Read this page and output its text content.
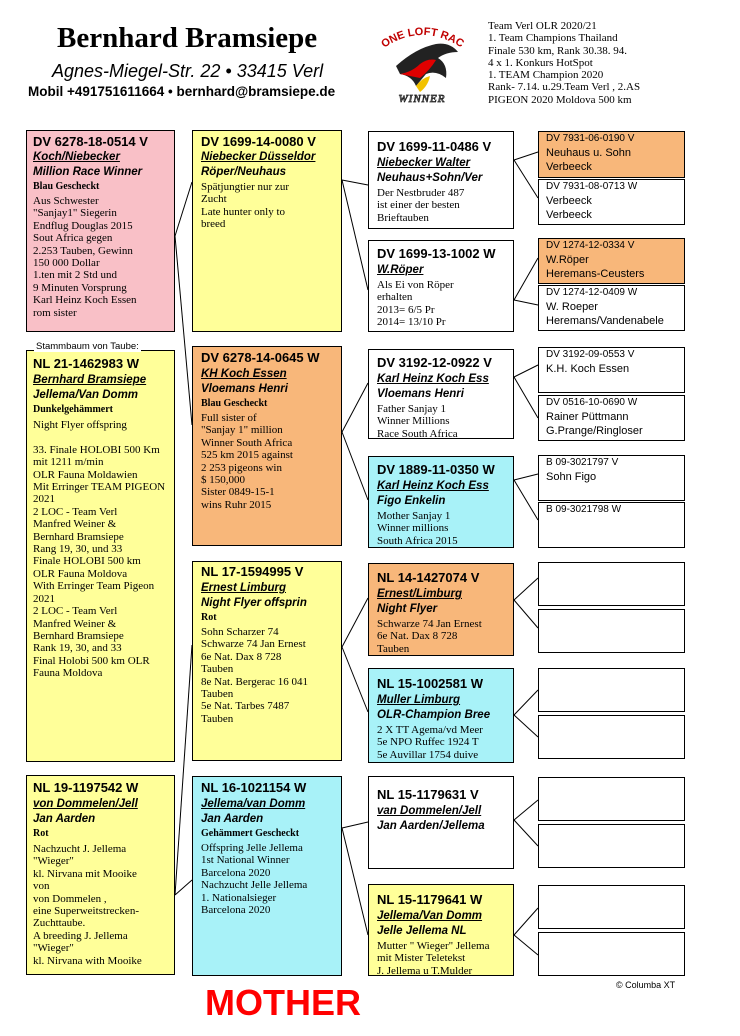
Bernhard Bramsiepe
Agnes-Miegel-Str. 22 • 33415 Verl
Mobil +491751611664 • bernhard@bramsiepe.de
ONE LOFT RAC
WINNER
Team Verl OLR 2020/21
1. Team Champions Thailand
Finale 530 km, Rank 30.38. 94.
4 x 1. Konkurs HotSpot
1. TEAM Champion 2020
Rank- 7.14. u.29.Team Verl , 2.AS
PIGEON 2020 Moldova 500 km
DV 6278-18-0514 V
Koch/Niebecker
Million Race Winner
Blau Gescheckt
Aus Schwester
"Sanjay1" Siegerin
Endflug Douglas 2015
Sout Africa gegen
2.253 Tauben, Gewinn
150 000 Dollar
1.ten mit 2 Std und
9 Minuten Vorsprung
Karl Heinz Koch Essen
rom sister
NL 21-1462983 W
Bernhard Bramsiepe
Jellema/Van Domm
Dunkelgehämmert
Night Flyer offspring

33. Finale HOLOBI 500 Km
mit 1211 m/min
OLR Fauna Moldawien
Mit Erringer TEAM PIGEON 2021
2 LOC - Team Verl
Manfred Weiner &
Bernhard Bramsiepe
Rang 19, 30, und 33
Finale HOLOBI 500 km
OLR Fauna Moldova
With Erringer Team Pigeon 2021
2 LOC - Team Verl
Manfred Weiner &
Bernhard Bramsiepe
Rank 19, 30, and 33
Final Holobi 500 km OLR
Fauna Moldova
Stammbaum von Taube:
NL 19-1197542 W
von Dommelen/Jell
Jan Aarden
Rot
Nachzucht J. Jellema
"Wieger"
kl. Nirvana mit Mooike
von
von Dommelen ,
eine Superweitstrecken-
Zuchttaube.
A breeding J. Jellema
"Wieger"
kl. Nirvana with Mooike
DV 1699-14-0080 V
Niebecker Düsseldor
Röper/Neuhaus
Spätjungtier nur zur
Zucht
Late hunter only to
breed
DV 6278-14-0645 W
KH Koch Essen
Vloemans Henri
Blau Gescheckt
Full sister of
"Sanjay 1" million
Winner South Africa
525 km 2015 against
2 253 pigeons win
$ 150,000
Sister 0849-15-1
wins Ruhr 2015
NL 17-1594995 V
Ernest Limburg
Night Flyer offsprin
Rot
Sohn Scharzer 74
Schwarze 74 Jan Ernest
6e Nat. Dax 8 728
Tauben
8e Nat. Bergerac 16 041
Tauben
5e Nat. Tarbes 7487
Tauben
NL 16-1021154 W
Jellema/van Domm
Jan Aarden
Gehämmert Gescheckt
Offspring Jelle Jellema
1st National Winner
Barcelona 2020
Nachzucht Jelle Jellema
1. Nationalsieger
Barcelona 2020
DV 1699-11-0486 V
Niebecker Walter
Neuhaus+Sohn/Ver
Der Nestbruder 487
ist einer der besten
Brieftauben
DV 1699-13-1002 W
W.Röper
Als Ei von Röper
erhalten
2013= 6/5 Pr
2014= 13/10 Pr
DV 3192-12-0922 V
Karl Heinz Koch Ess
Vloemans Henri
Father Sanjay 1
Winner Millions
Race South Africa
DV 1889-11-0350 W
Karl Heinz Koch Ess
Figo Enkelin
Mother Sanjay 1
Winner millions
South Africa 2015
NL 14-1427074 V
Ernest/Limburg
Night Flyer
Schwarze 74 Jan Ernest
6e Nat. Dax 8 728
Tauben
NL 15-1002581 W
Muller Limburg
OLR-Champion Bree
2 X TT Agema/vd Meer
5e NPO Ruffec 1924 T
5e Auvillar 1754 duive
NL 15-1179631 V
van Dommelen/Jell
Jan Aarden/Jellema
NL 15-1179641 W
Jellema/Van Domm
Jelle Jellema NL
Mutter " Wieger" Jellema
mit Mister Teletekst
J. Jellema u T.Mulder
DV 7931-06-0190 V
Neuhaus u. Sohn
Verbeeck
DV 7931-08-0713 W
Verbeeck
Verbeeck
DV 1274-12-0334 V
W.Röper
Heremans-Ceusters
DV 1274-12-0409 W
W. Roeper
Heremans/Vandenabele
DV 3192-09-0553 V
K.H. Koch Essen
DV 0516-10-0690 W
Rainer Püttmann
G.Prange/Ringloser
B 09-3021797 V
Sohn Figo
B 09-3021798 W
MOTHER	© Columba XT
